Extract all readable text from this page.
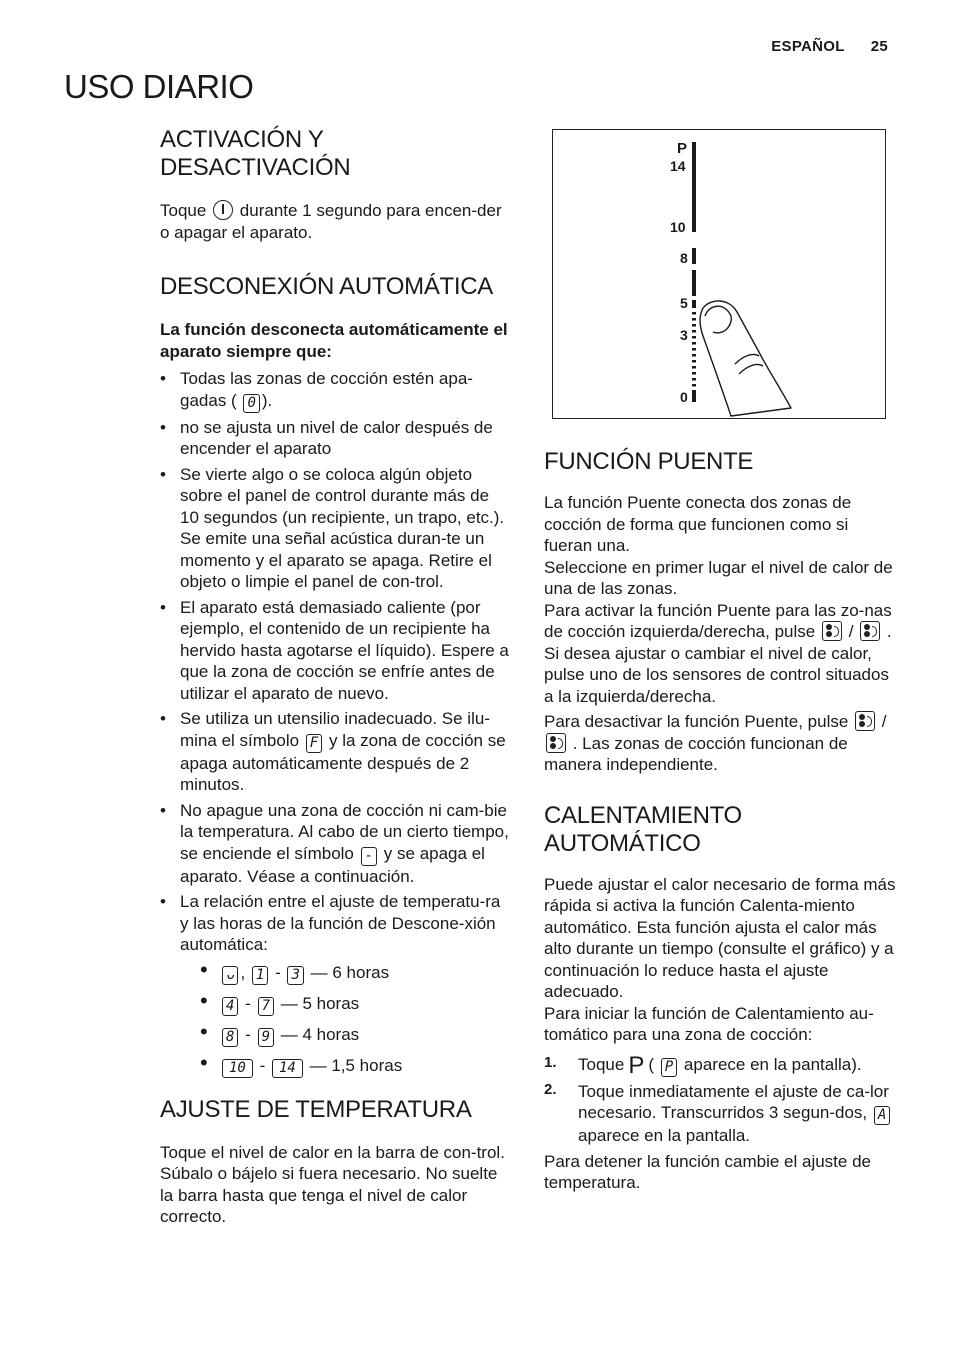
ESPAÑOL 25
USO DIARIO
ACTIVACIÓN Y DESACTIVACIÓN

Toque durante 1 segundo para encen-der o apagar el aparato.

DESCONEXIÓN AUTOMÁTICA

La función desconecta automáticamente el aparato siempre que:

• Todas las zonas de cocción estén apa-gadas ( 0 ).
• no se ajusta un nivel de calor después de encender el aparato
• Se vierte algo o se coloca algún objeto sobre el panel de control durante más de 10 segundos (un recipiente, un trapo, etc.). Se emite una señal acústica duran-te un momento y el aparato se apaga. Retire el objeto o limpie el panel de con-trol.
• El aparato está demasiado caliente (por ejemplo, el contenido de un recipiente ha hervido hasta agotarse el líquido). Espere a que la zona de cocción se enfríe antes de utilizar el aparato de nuevo.
• Se utiliza un utensilio inadecuado. Se ilu-mina el símbolo F y la zona de cocción se apaga automáticamente después de 2 minutos.
• No apague una zona de cocción ni cam-bie la temperatura. Al cabo de un cierto tiempo, se enciende el símbolo - y se apaga el aparato. Véase a continuación.
• La relación entre el ajuste de temperatu-ra y las horas de la función de Descone-xión automática:
• ᴗ , 1 - 3 — 6 horas
• 4 - 7 — 5 horas
• 8 - 9 — 4 horas
• 10 - 14 — 1,5 horas
AJUSTE DE TEMPERATURA

Toque el nivel de calor en la barra de con-trol. Súbalo o bájelo si fuera necesario. No suelte la barra hasta que tenga el nivel de calor correcto.

P
14
10
8
5
3
0
FUNCIÓN PUENTE

La función Puente conecta dos zonas de cocción de forma que funcionen como si fueran una.

Seleccione en primer lugar el nivel de calor de una de las zonas.

Para activar la función Puente para las zo-nas de cocción izquierda/derecha, pulse / . Si desea ajustar o cambiar el nivel de calor, pulse uno de los sensores de control situados a la izquierda/derecha.

Para desactivar la función Puente, pulse /  . Las zonas de cocción funcionan de manera independiente.

CALENTAMIENTO AUTOMÁTICO

Puede ajustar el calor necesario de forma más rápida si activa la función Calenta-miento automático. Esta función ajusta el calor más alto durante un tiempo (consulte el gráfico) y a continuación lo reduce hasta el ajuste adecuado.

Para iniciar la función de Calentamiento au-tomático para una zona de cocción:

1. Toque P ( P aparece en la pantalla).
2. Toque inmediatamente el ajuste de ca-lor necesario. Transcurridos 3 segun-dos, A aparece en la pantalla.

Para detener la función cambie el ajuste de temperatura.
